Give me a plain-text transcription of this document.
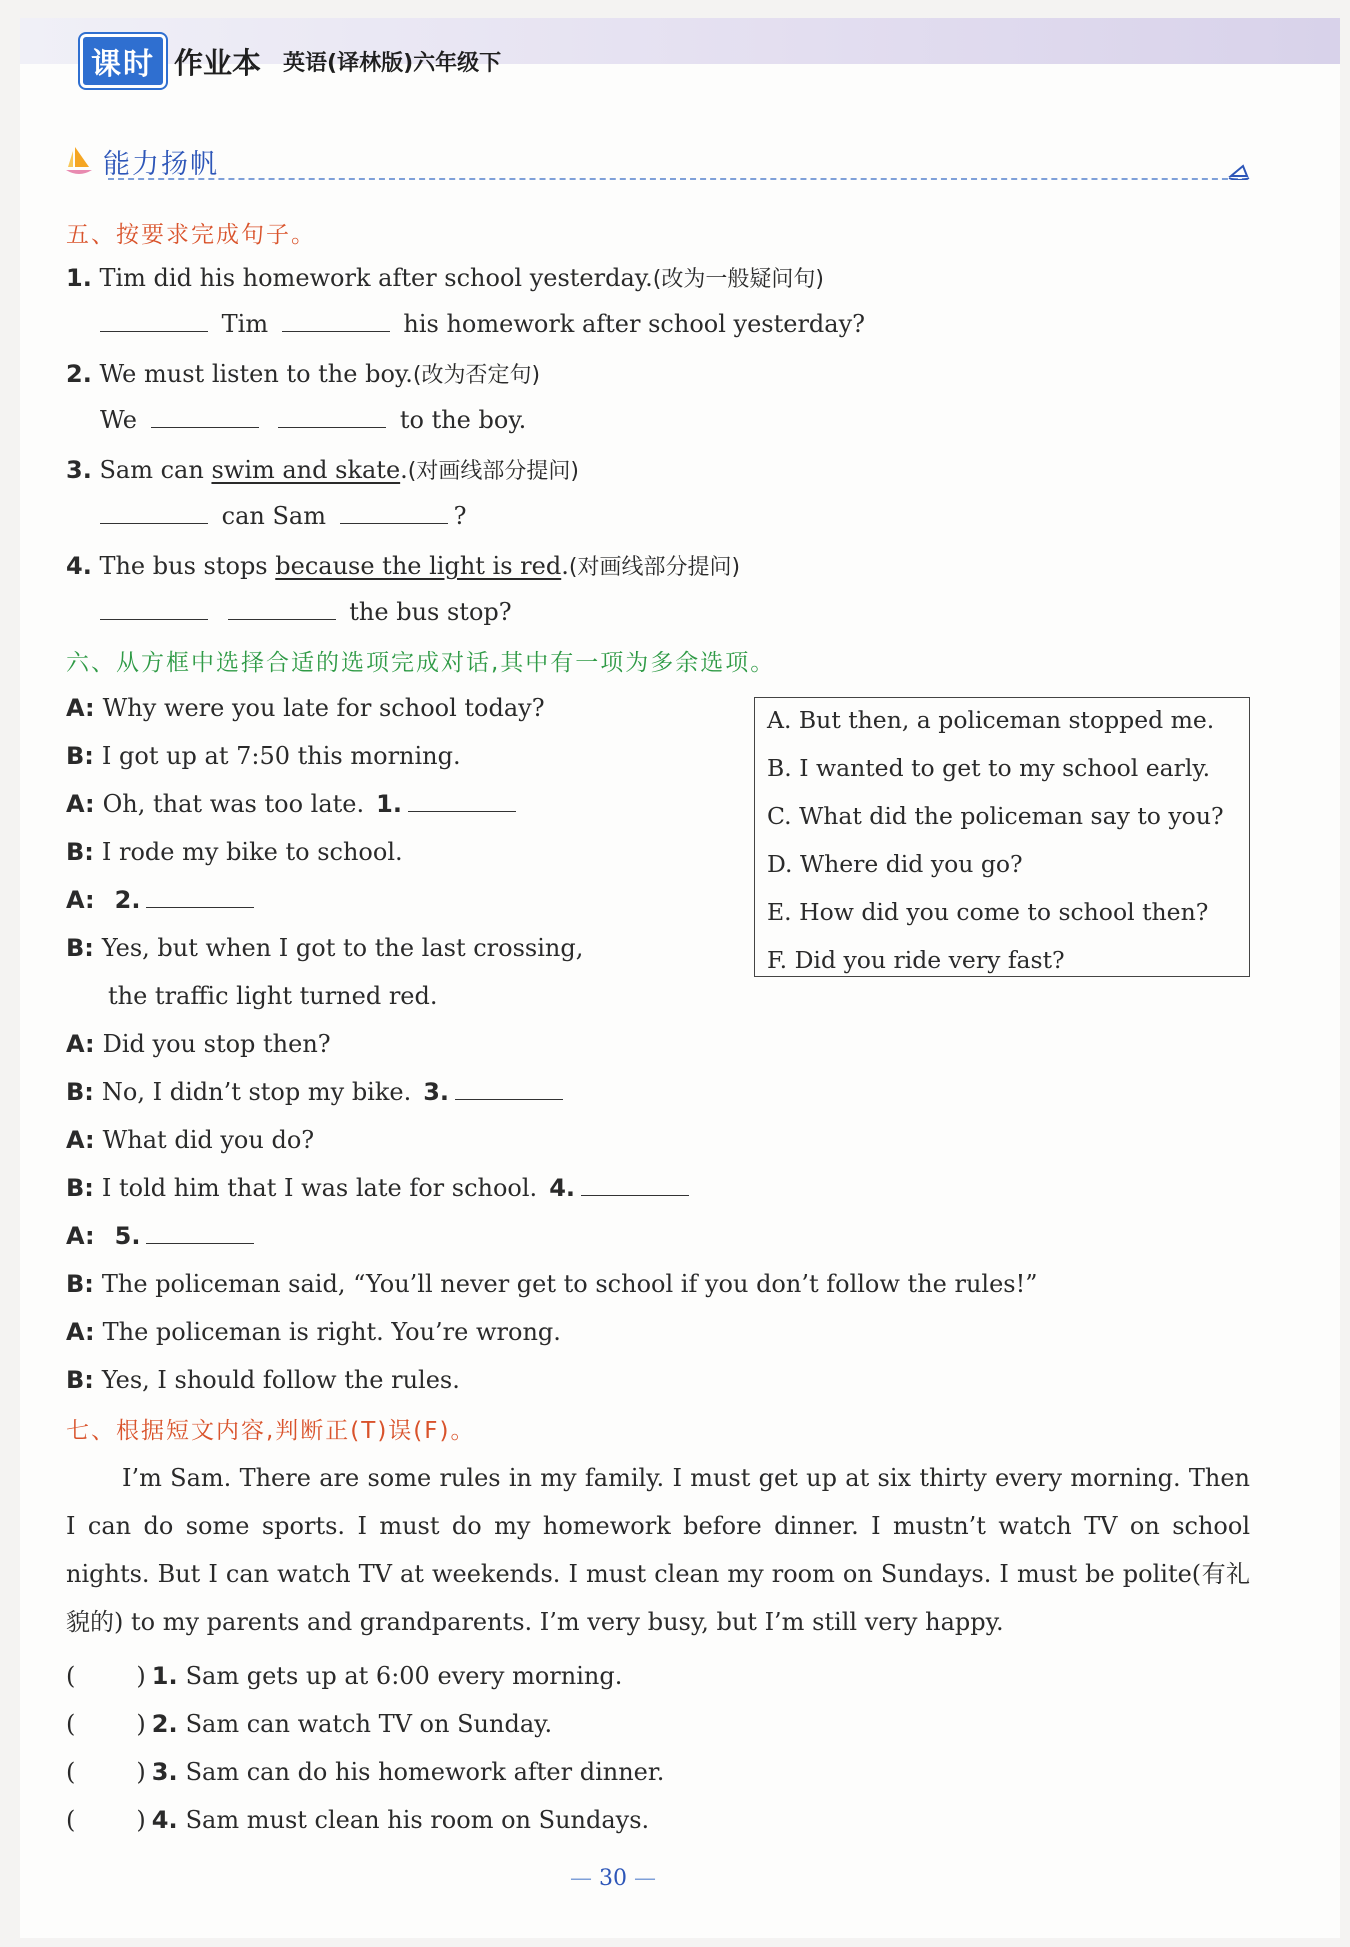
课时 作业本 英语(译林版)六年级下
能力扬帆
五、按要求完成句子。
1. Tim did his homework after school yesterday.(改为一般疑问句)
Tim	his homework after school yesterday?
2. We must listen to the boy.(改为否定句)
We	to the boy.
3. Sam can swim and skate.(对画线部分提问)
can Sam	?
4. The bus stops because the light is red.(对画线部分提问)
the bus stop?
六、从方框中选择合适的选项完成对话,其中有一项为多余选项。
A: Why were you late for school today?
B: I got up at 7:50 this morning.
A: Oh, that was too late. 1.
B: I rode my bike to school.
A: 2.
B: Yes, but when I got to the last crossing,
the traffic light turned red.
A: Did you stop then?
B: No, I didn’t stop my bike. 3.
A: What did you do?
B: I told him that I was late for school. 4.
A: 5.
B: The policeman said, “You’ll never get to school if you don’t follow the rules!”
A: The policeman is right. You’re wrong.
B: Yes, I should follow the rules.
A. But then, a policeman stopped me.
B. I wanted to get to my school early.
C. What did the policeman say to you?
D. Where did you go?
E. How did you come to school then?
F. Did you ride very fast?
七、根据短文内容,判断正(T)误(F)。
I’m Sam. There are some rules in my family. I must get up at six thirty every morning. Then I can do some sports. I must do my homework before dinner. I mustn’t watch TV on school nights. But I can watch TV at weekends. I must clean my room on Sundays. I must be polite(有礼貌的) to my parents and grandparents. I’m very busy, but I’m still very happy.
(        ) 1. Sam gets up at 6:00 every morning.
(        ) 2. Sam can watch TV on Sunday.
(        ) 3. Sam can do his homework after dinner.
(        ) 4. Sam must clean his room on Sundays.
— 30 —
